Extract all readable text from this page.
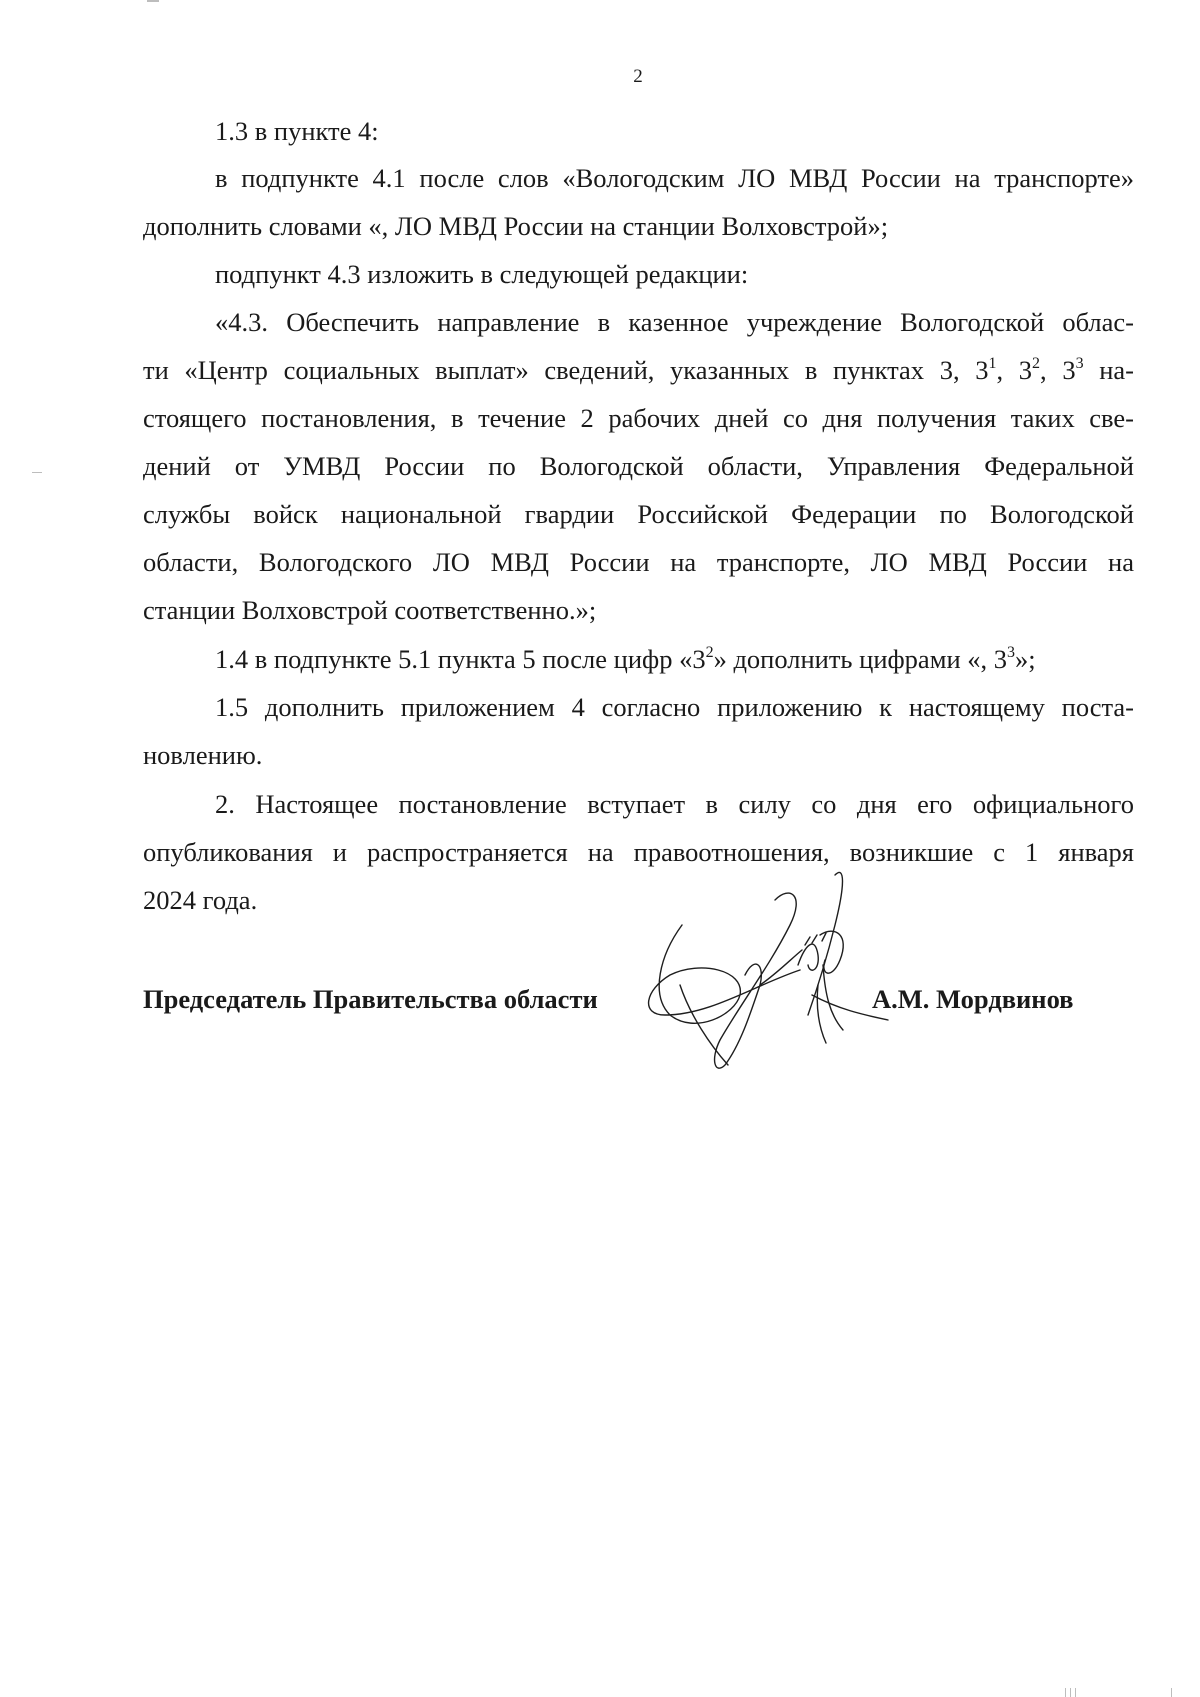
2
1.3 в пункте 4:
в подпункте 4.1 после слов «Вологодским ЛО МВД России на транспорте»
дополнить словами «, ЛО МВД России на станции Волховстрой»;
подпункт 4.3 изложить в следующей редакции:
«4.3. Обеспечить направление в казенное учреждение Вологодской облас-
ти «Центр социальных выплат» сведений, указанных в пунктах 3, $3^1$, $3^2$, $3^3$ на-
стоящего постановления, в течение 2 рабочих дней со дня получения таких све-
дений от УМВД России по Вологодской области, Управления Федеральной
службы войск национальной гвардии Российской Федерации по Вологодской
области, Вологодского ЛО МВД России на транспорте, ЛО МВД России на
станции Волховстрой соответственно.»;
1.4 в подпункте 5.1 пункта 5 после цифр «$3^2$» дополнить цифрами «, $3^3$»;
1.5 дополнить приложением 4 согласно приложению к настоящему поста-
новлению.
2. Настоящее постановление вступает в силу со дня его официального
опубликования и распространяется на правоотношения, возникшие с 1 января
2024 года.
Председатель Правительства области	А.М. Мордвинов
